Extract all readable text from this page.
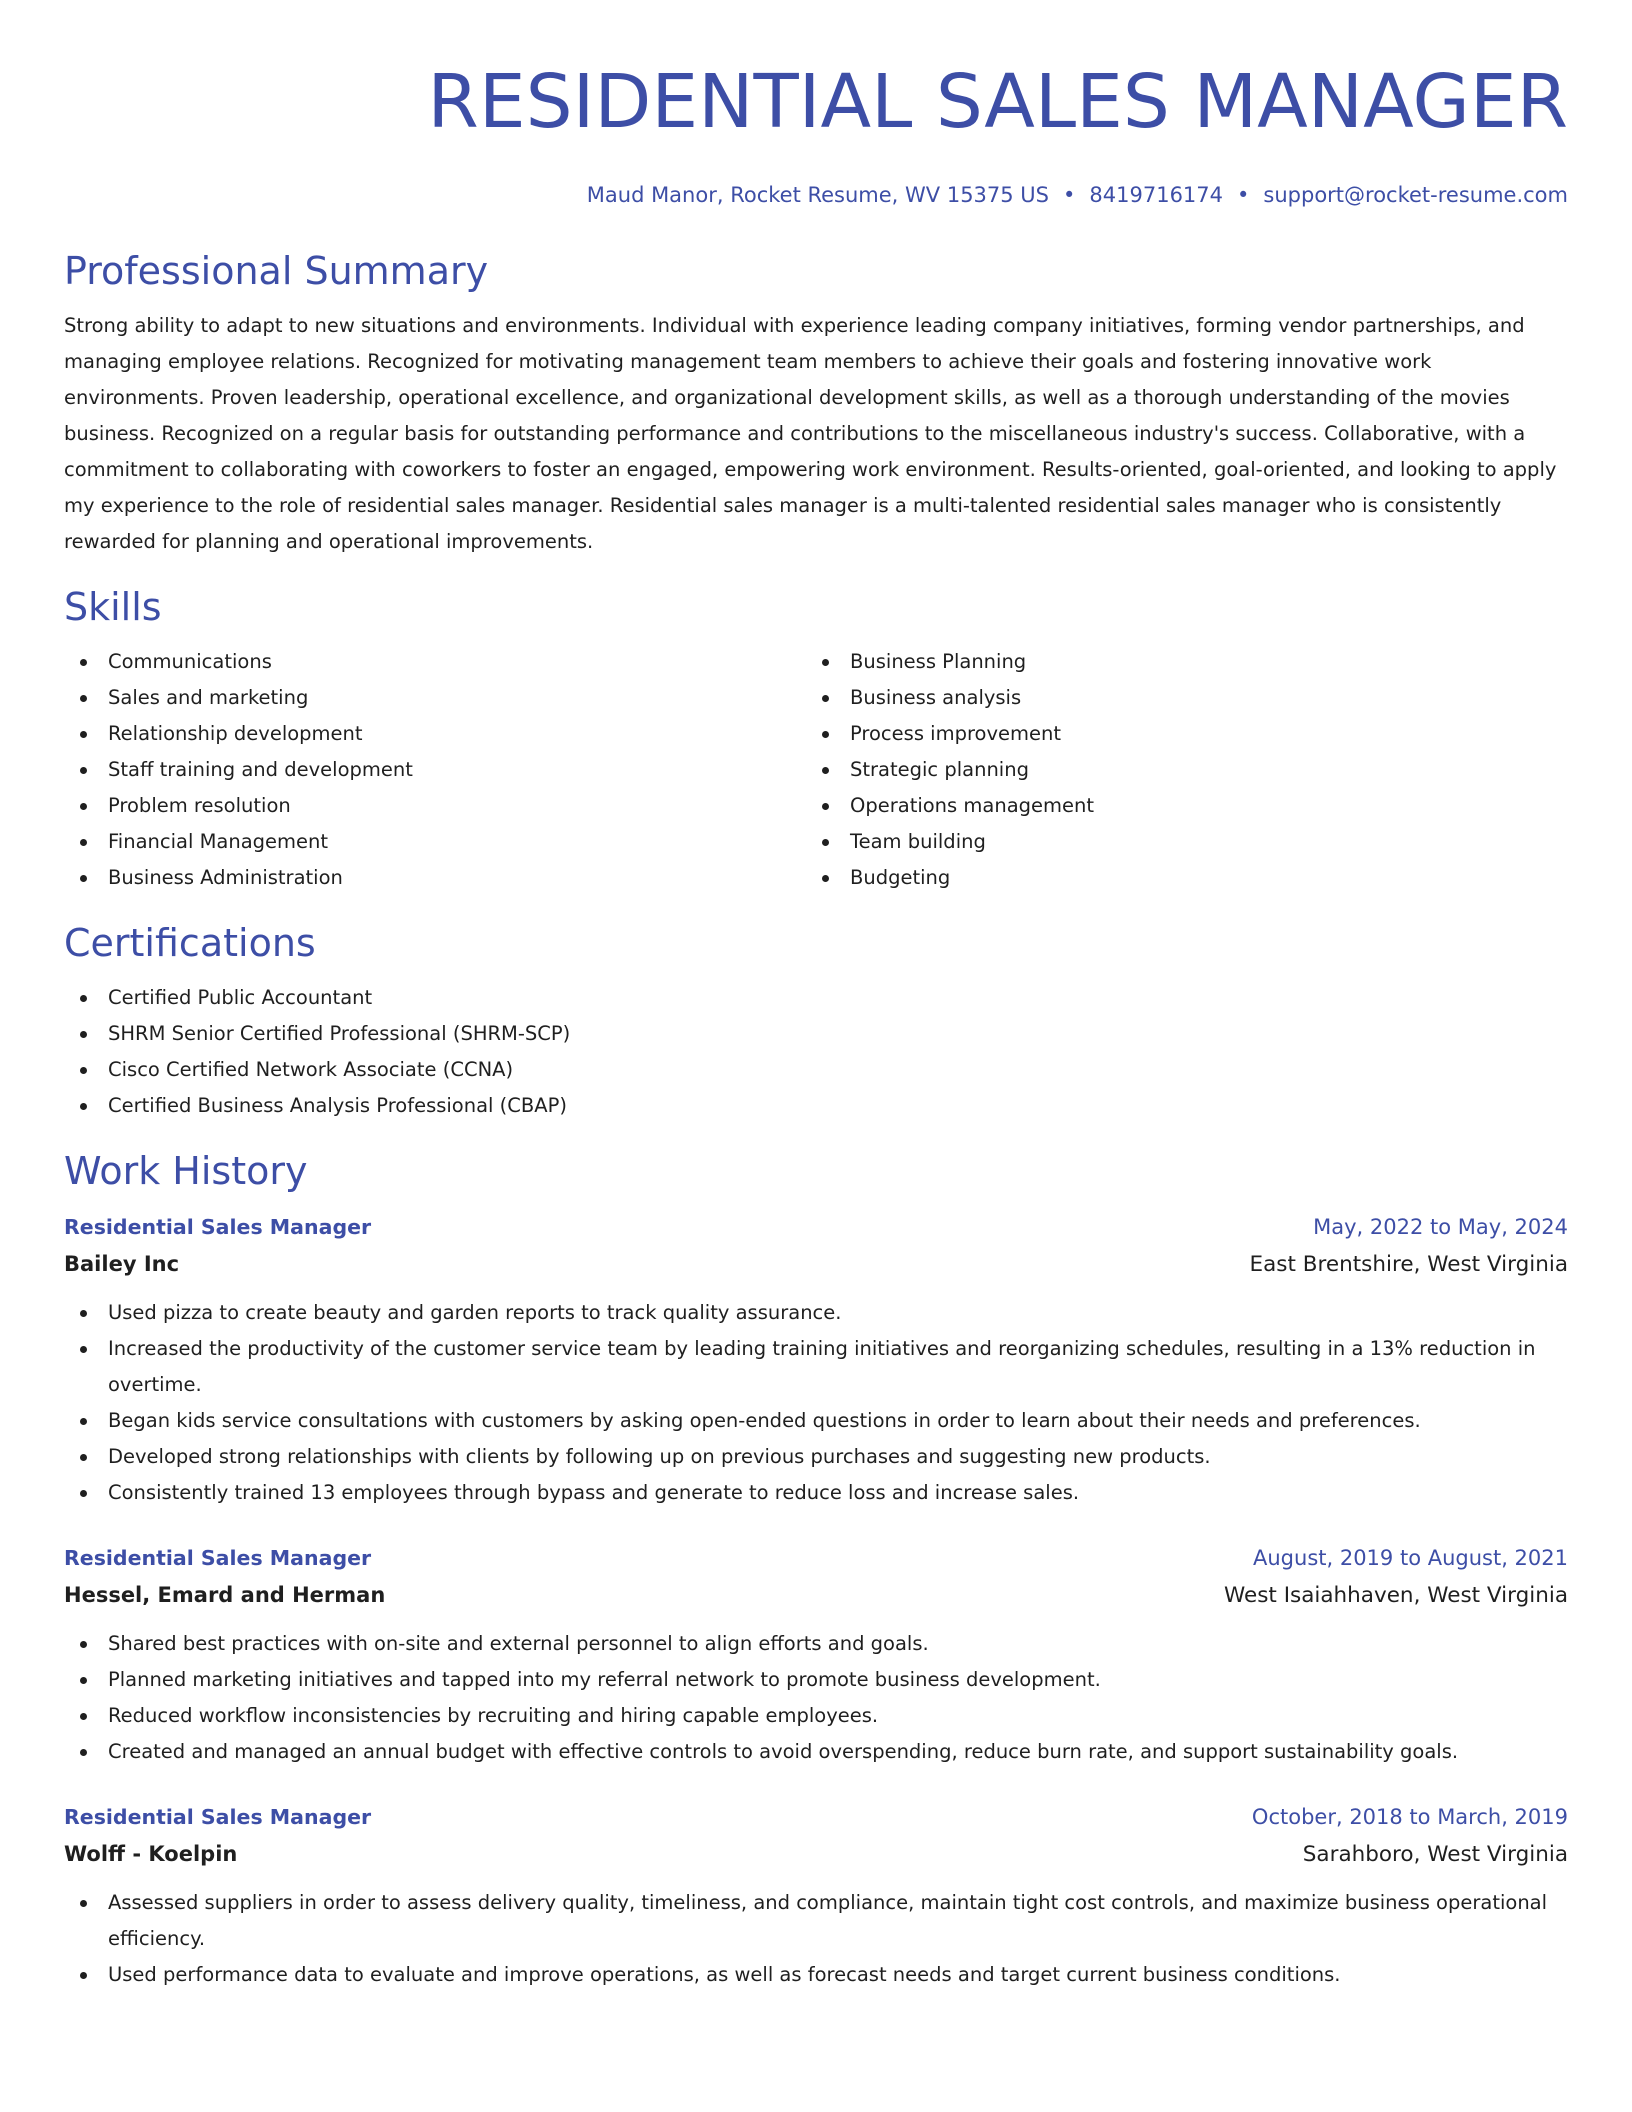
RESIDENTIAL SALES MANAGER
Maud Manor, Rocket Resume, WV 15375 US • 8419716174 • support@rocket-resume.com
Professional Summary

Strong ability to adapt to new situations and environments. Individual with experience leading company initiatives, forming vendor partnerships, and managing employee relations. Recognized for motivating management team members to achieve their goals and fostering innovative work environments. Proven leadership, operational excellence, and organizational development skills, as well as a thorough understanding of the movies business. Recognized on a regular basis for outstanding performance and contributions to the miscellaneous industry's success. Collaborative, with a commitment to collaborating with coworkers to foster an engaged, empowering work environment. Results-oriented, goal-oriented, and looking to apply my experience to the role of residential sales manager. Residential sales manager is a multi-talented residential sales manager who is consistently rewarded for planning and operational improvements.

Skills
Communications
Sales and marketing
Relationship development
Staff training and development
Problem resolution
Financial Management
Business Administration
Business Planning
Business analysis
Process improvement
Strategic planning
Operations management
Team building
Budgeting
Certifications
Certified Public Accountant
SHRM Senior Certified Professional (SHRM-SCP)
Cisco Certified Network Associate (CCNA)
Certified Business Analysis Professional (CBAP)
Work History
Residential Sales Manager	May, 2022 to May, 2024
Bailey Inc	East Brentshire, West Virginia
Used pizza to create beauty and garden reports to track quality assurance.
Increased the productivity of the customer service team by leading training initiatives and reorganizing schedules, resulting in a 13% reduction in overtime.
Began kids service consultations with customers by asking open-ended questions in order to learn about their needs and preferences.
Developed strong relationships with clients by following up on previous purchases and suggesting new products.
Consistently trained 13 employees through bypass and generate to reduce loss and increase sales.
Residential Sales Manager	August, 2019 to August, 2021
Hessel, Emard and Herman	West Isaiahhaven, West Virginia
Shared best practices with on-site and external personnel to align efforts and goals.
Planned marketing initiatives and tapped into my referral network to promote business development.
Reduced workflow inconsistencies by recruiting and hiring capable employees.
Created and managed an annual budget with effective controls to avoid overspending, reduce burn rate, and support sustainability goals.
Residential Sales Manager	October, 2018 to March, 2019
Wolff - Koelpin	Sarahboro, West Virginia
Assessed suppliers in order to assess delivery quality, timeliness, and compliance, maintain tight cost controls, and maximize business operational efficiency.
Used performance data to evaluate and improve operations, as well as forecast needs and target current business conditions.
